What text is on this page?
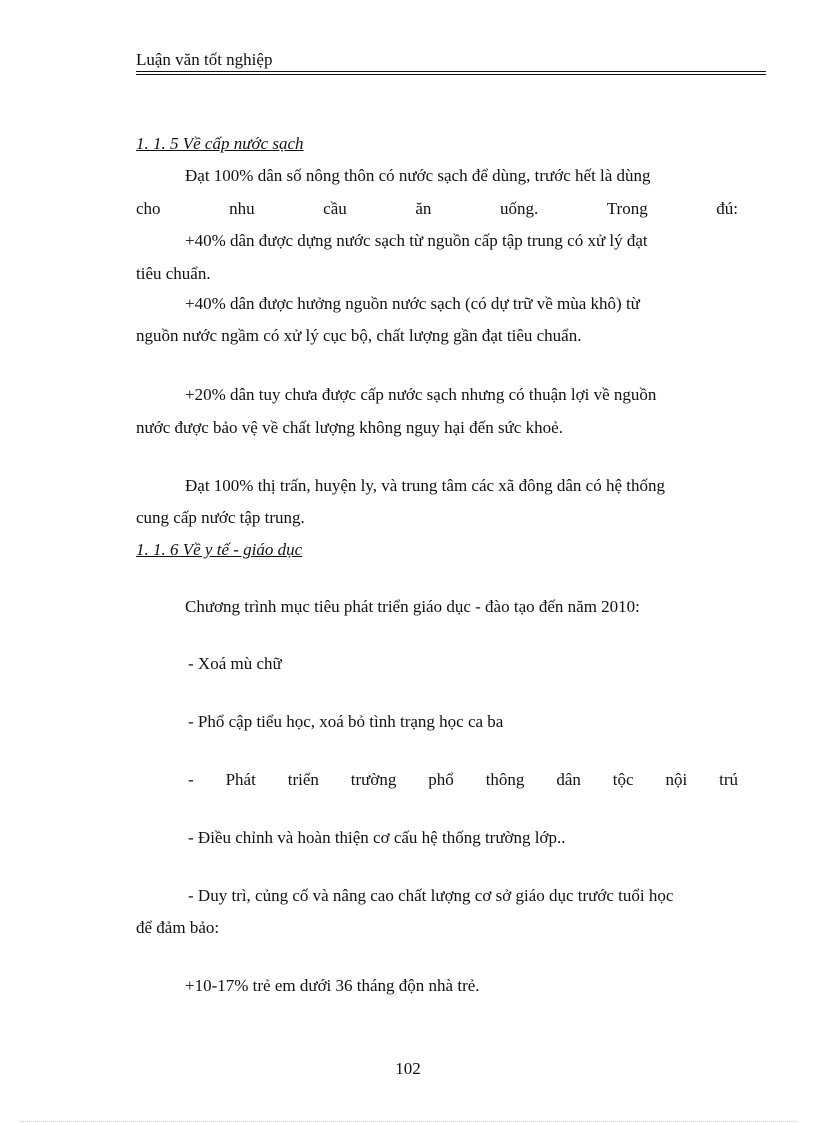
Luận văn tốt nghiệp
1. 1. 5 Về cấp nước sạch
Đạt 100% dân số nông thôn có nước sạch để dùng, trước hết là dùng
cho	nhu	cầu	ăn	uống.	Trong	đú:
+40% dân được dựng nước sạch từ nguồn cấp tập trung có xử lý đạt
tiêu chuẩn.
+40% dân được hưởng nguồn nước sạch (có dự trữ về mùa khô) từ
nguồn nước ngầm có xử lý cục bộ, chất lượng gần đạt tiêu chuẩn.
+20% dân tuy chưa được cấp nước sạch nhưng có thuận lợi về nguồn
nước được bảo vệ về chất lượng không nguy hại đến sức khoẻ.
Đạt 100% thị trấn, huyện ly, và trung tâm các xã đông dân có hệ thống
cung cấp nước tập trung.
1. 1. 6 Về y tế - giáo dục
Chương trình mục tiêu phát triển giáo dục - đào tạo đến năm 2010:
- Xoá mù chữ
- Phổ cập tiểu học, xoá bỏ tình trạng học ca ba
- Phát triển trường phổ thông dân tộc nội trú
- Điều chỉnh và hoàn thiện cơ cấu hệ thống trường lớp..
- Duy trì, củng cố và nâng cao chất lượng cơ sở giáo dục trước tuổi học
để đảm bảo:
+10-17% trẻ em dưới 36 tháng độn nhà trẻ.
102
